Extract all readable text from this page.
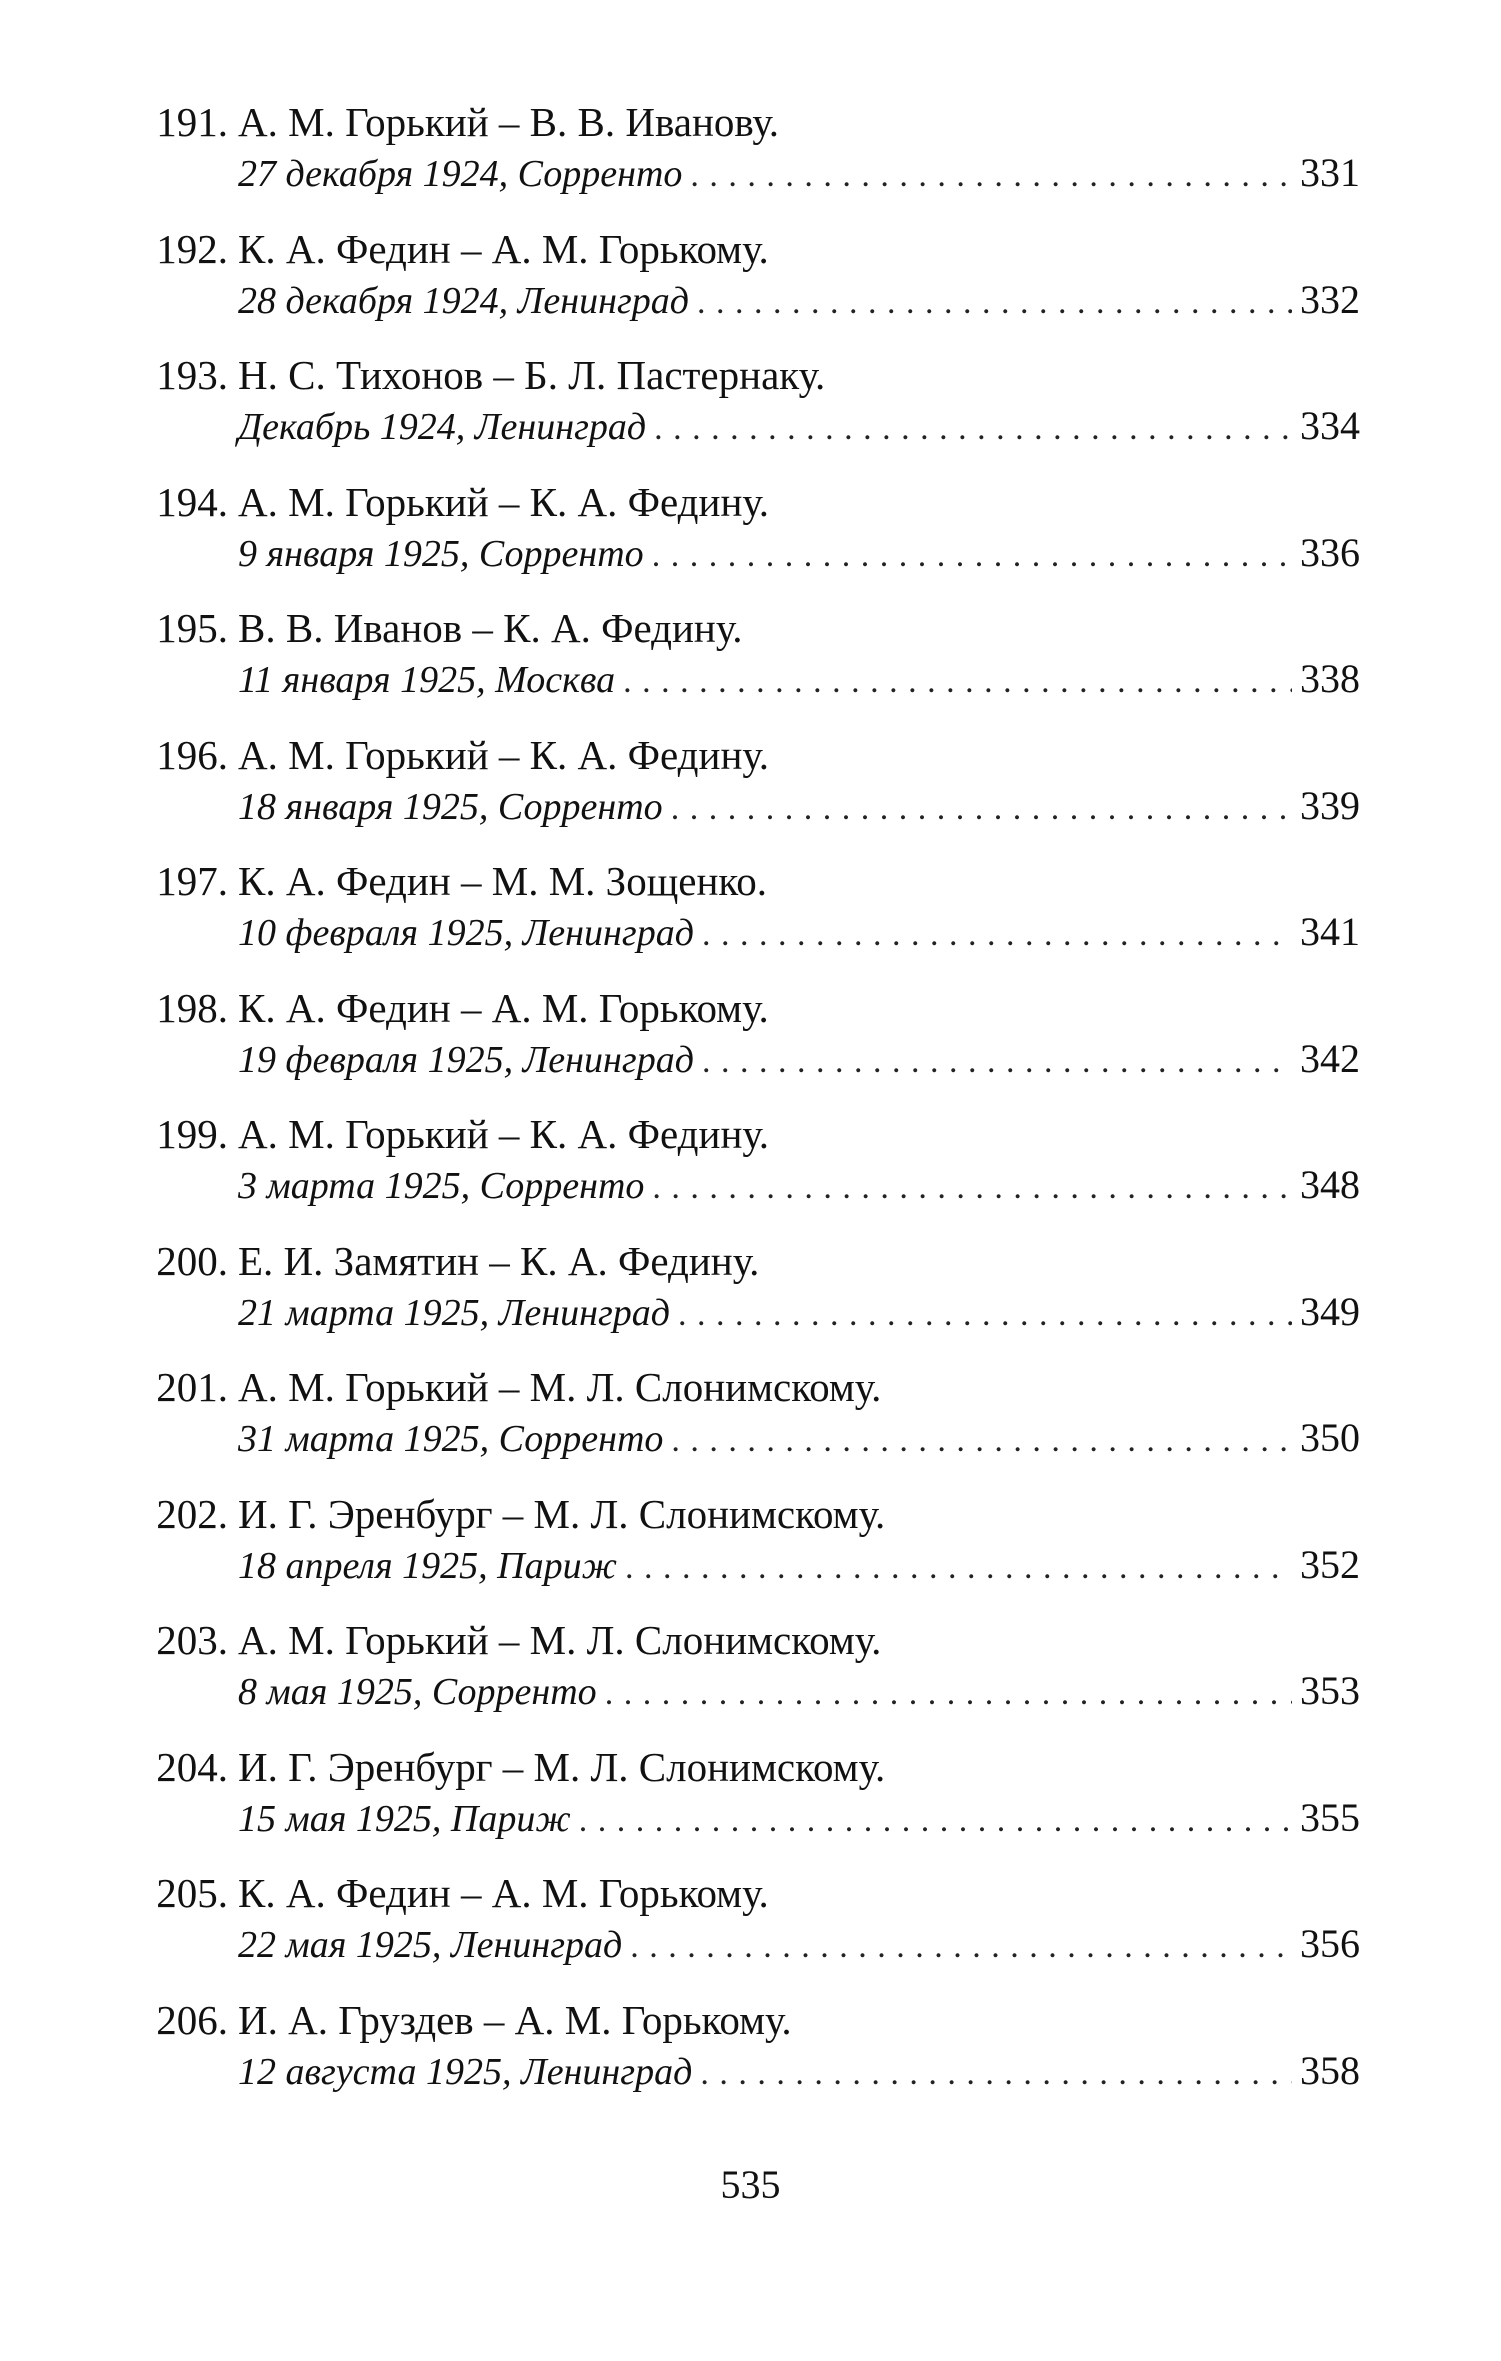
191. А. М. Горький – В. В. Иванову.
27 декабря 1924, Сорренто . . .	331
192. К. А. Федин – А. М. Горькому.
28 декабря 1924, Ленинград . . .	332
193. Н. С. Тихонов – Б. Л. Пастернаку.
Декабрь 1924, Ленинград . . .	334
194. А. М. Горький – К. А. Федину.
9 января 1925, Сорренто . . .	336
195. В. В. Иванов – К. А. Федину.
11 января 1925, Москва . . .	338
196. А. М. Горький – К. А. Федину.
18 января 1925, Сорренто . . .	339
197. К. А. Федин – М. М. Зощенко.
10 февраля 1925, Ленинград . . .	341
198. К. А. Федин – А. М. Горькому.
19 февраля 1925, Ленинград . . .	342
199. А. М. Горький – К. А. Федину.
3 марта 1925, Сорренто . . .	348
200. Е. И. Замятин – К. А. Федину.
21 марта 1925, Ленинград . . .	349
201. А. М. Горький – М. Л. Слонимскому.
31 марта 1925, Сорренто . . .	350
202. И. Г. Эренбург – М. Л. Слонимскому.
18 апреля 1925, Париж . . .	352
203. А. М. Горький – М. Л. Слонимскому.
8 мая 1925, Сорренто . . .	353
204. И. Г. Эренбург – М. Л. Слонимскому.
15 мая 1925, Париж . . .	355
205. К. А. Федин – А. М. Горькому.
22 мая 1925, Ленинград . . .	356
206. И. А. Груздев – А. М. Горькому.
12 августа 1925, Ленинград . . .	358
535
